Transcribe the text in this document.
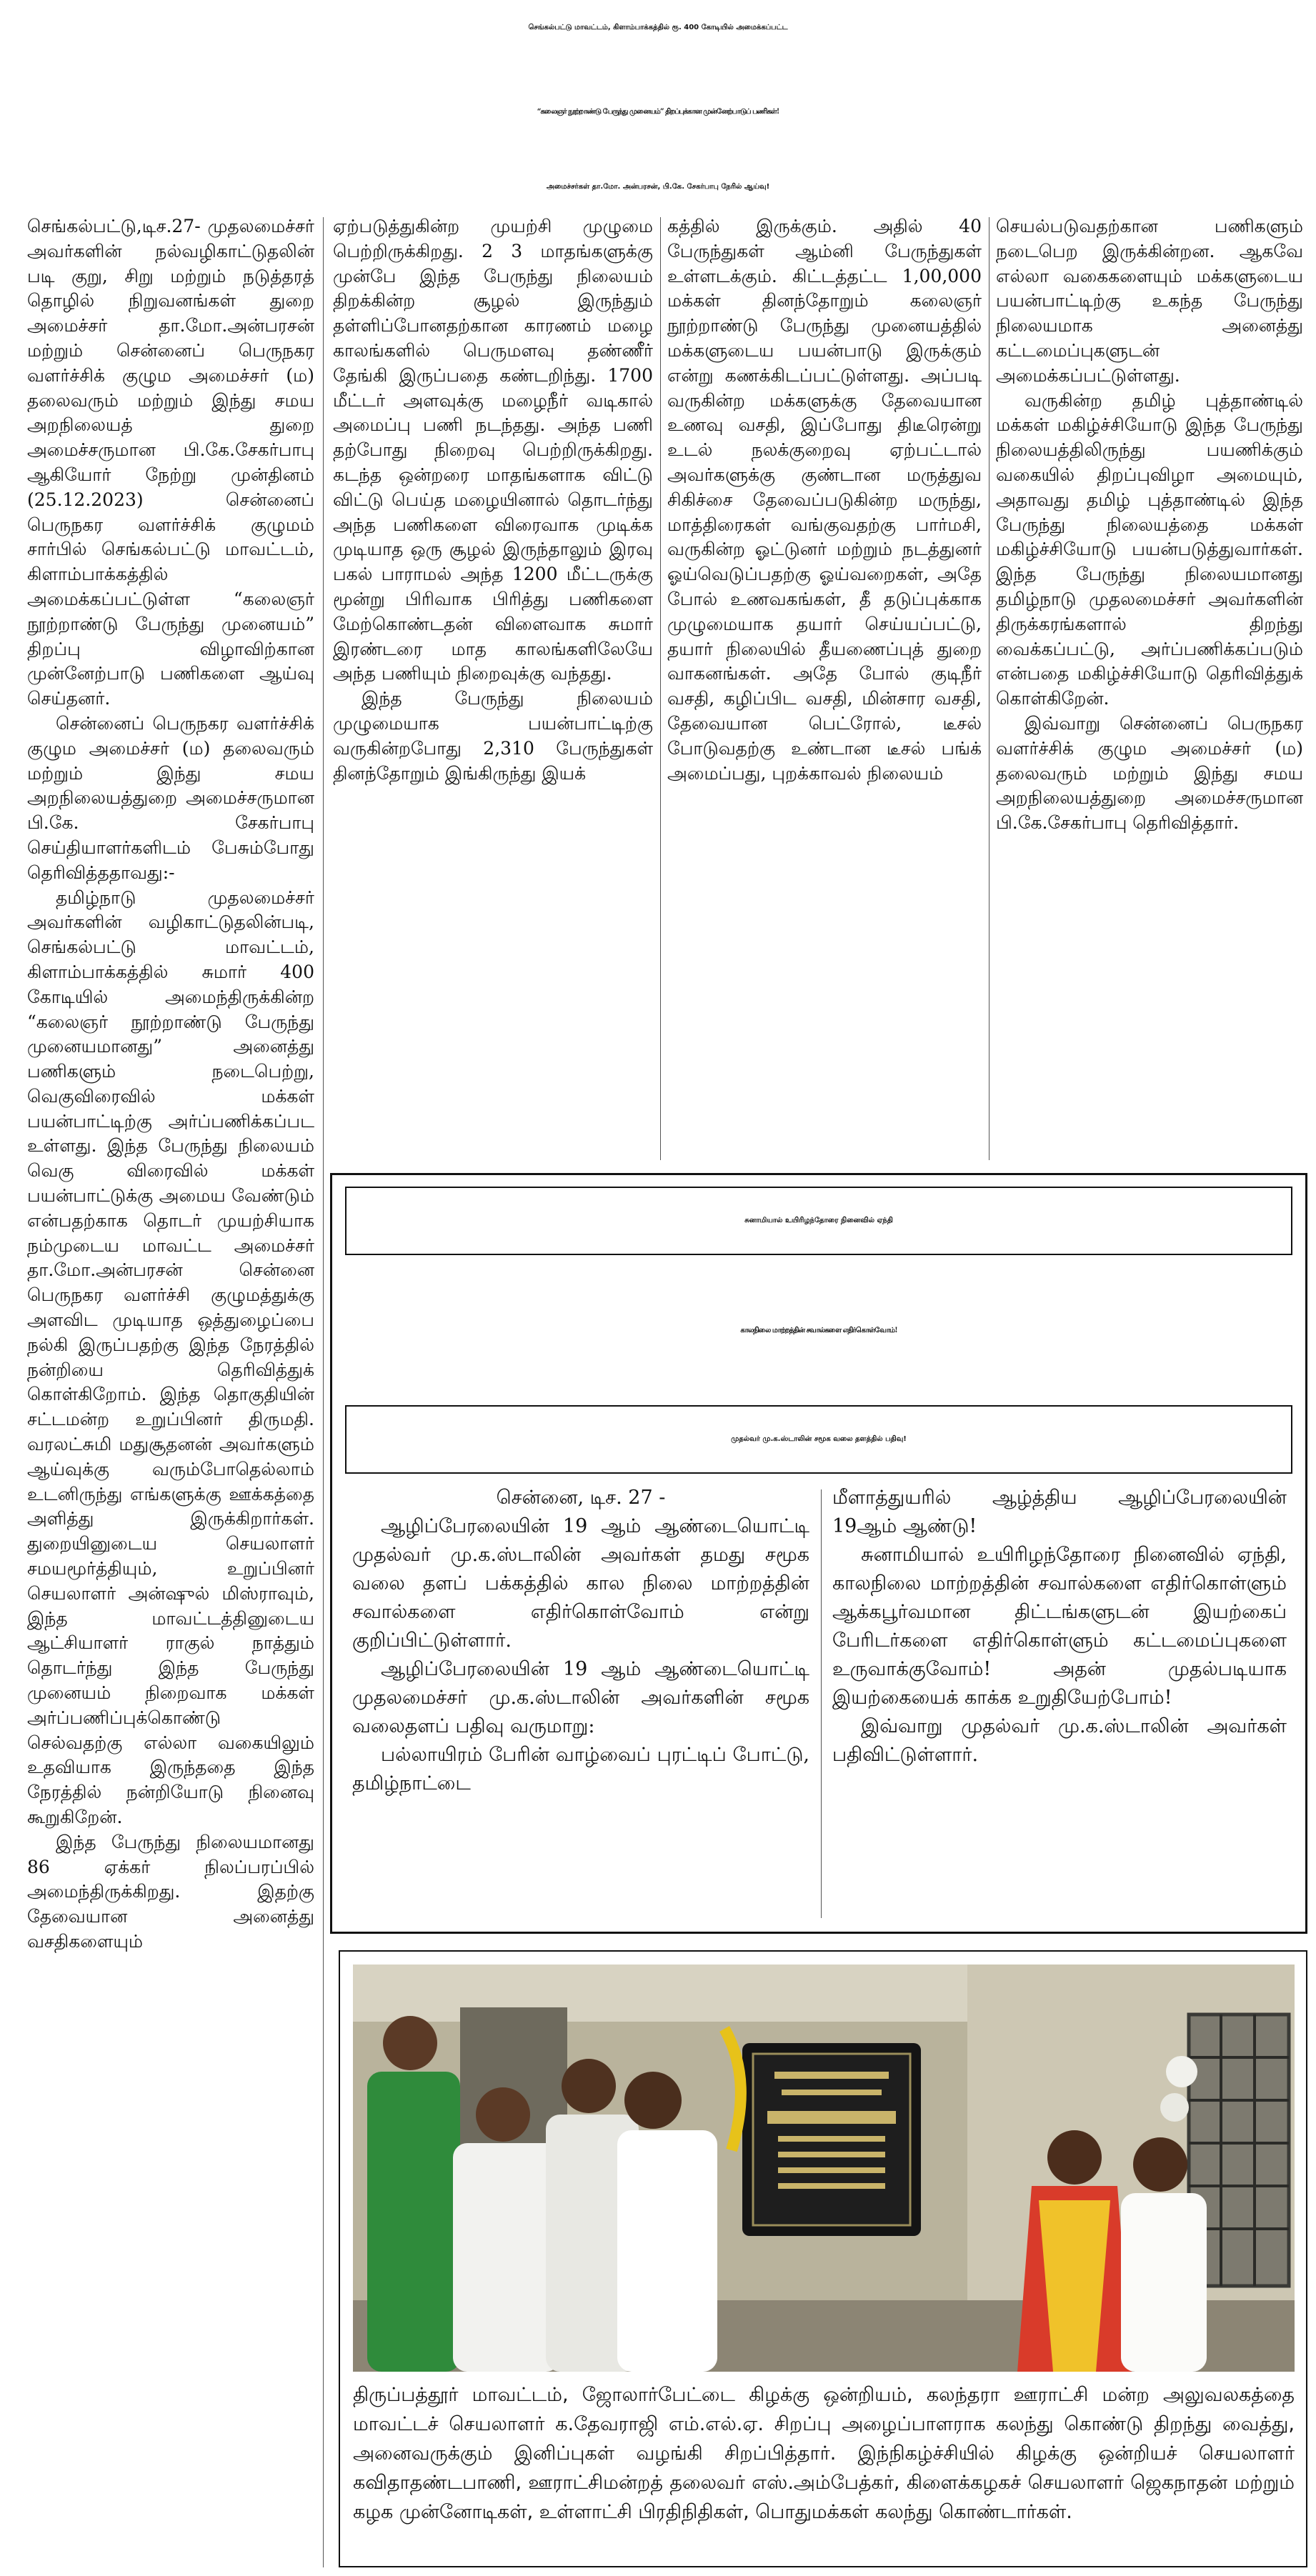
செங்கல்பட்டு மாவட்டம், கிளாம்பாக்கத்தில் ரூ. 400 கோடியில் அமைக்கப்பட்ட
“கலைஞர் நூற்றாண்டு பேருந்து முனையம்” திறப்புக்கான முன்னேற்பாடுப் பணிகள்!
அமைச்சர்கள் தா.மோ. அன்பரசன், பி.கே. சேகர்பாபு நேரில் ஆய்வு!

செங்கல்பட்டு,டிச.27- முதலமைச்சர் அவர்களின் நல்வழிகாட்டுதலின் படி குறு, சிறு மற்றும் நடுத்தரத் தொழில் நிறுவனங்கள் துறை அமைச்சர் தா.மோ.அன்பரசன் மற்றும் சென்னைப் பெருநகர வளர்ச்சிக் குழும அமைச்சர் (ம) தலைவரும் மற்றும் இந்து சமய அறநிலையத் துறை அமைச்சருமான பி.கே.சேகர்பாபு ஆகியோர் நேற்று முன்தினம் (25.12.2023) சென்னைப் பெருநகர வளர்ச்சிக் குழுமம் சார்பில் செங்கல்பட்டு மாவட்டம், கிளாம்பாக்கத்தில் அமைக்கப்பட்டுள்ள “கலைஞர் நூற்றாண்டு பேருந்து முனையம்” திறப்பு விழாவிற்கான முன்னேற்பாடு பணிகளை ஆய்வு செய்தனர்.

சென்னைப் பெருநகர வளர்ச்சிக் குழும அமைச்சர் (ம) தலைவரும் மற்றும் இந்து சமய அறநிலையத்துறை அமைச்சருமான பி.கே. சேகர்பாபு செய்தியாளர்களிடம் பேசும்போது தெரிவித்ததாவது:-

தமிழ்நாடு முதலமைச்சர் அவர்களின் வழிகாட்டுதலின்படி, செங்கல்பட்டு மாவட்டம், கிளாம்பாக்கத்தில் சுமார் 400 கோடியில் அமைந்திருக்கின்ற “கலைஞர் நூற்றாண்டு பேருந்து முனையமானது” அனைத்து பணிகளும் நடைபெற்று, வெகுவிரைவில் மக்கள் பயன்பாட்டிற்கு அர்ப்பணிக்கப்பட உள்ளது. இந்த பேருந்து நிலையம் வெகு விரைவில் மக்கள் பயன்பாட்டுக்கு அமைய வேண்டும் என்பதற்காக தொடர் முயற்சியாக நம்முடைய மாவட்ட அமைச்சர் தா.மோ.அன்பரசன் சென்னை பெருநகர வளர்ச்சி குழுமத்துக்கு அளவிட முடியாத ஒத்துழைப்பை நல்கி இருப்பதற்கு இந்த நேரத்தில் நன்றியை தெரிவித்துக் கொள்கிறோம். இந்த தொகுதியின் சட்டமன்ற உறுப்பினர் திருமதி. வரலட்சுமி மதுசூதனன் அவர்களும் ஆய்வுக்கு வரும்போதெல்லாம் உடனிருந்து எங்களுக்கு ஊக்கத்தை அளித்து இருக்கிறார்கள். துறையினுடைய செயலாளர் சமயமூர்த்தியும், உறுப்பினர் செயலாளர் அன்ஷுல் மிஸ்ராவும், இந்த மாவட்டத்தினுடைய ஆட்சியாளர் ராகுல் நாத்தும் தொடர்ந்து இந்த பேருந்து முனையம் நிறைவாக மக்கள் அர்ப்பணிப்புக்கொண்டு செல்வதற்கு எல்லா வகையிலும் உதவியாக இருந்ததை இந்த நேரத்தில் நன்றியோடு நினைவு கூறுகிறேன்.

இந்த பேருந்து நிலையமானது 86 ஏக்கர் நிலப்பரப்பில் அமைந்திருக்கிறது. இதற்கு தேவையான அனைத்து வசதிகளையும்

ஏற்படுத்துகின்ற முயற்சி முழுமை பெற்றிருக்கிறது. 2 3 மாதங்களுக்கு முன்பே இந்த பேருந்து நிலையம் திறக்கின்ற சூழல் இருந்தும் தள்ளிப்போனதற்கான காரணம் மழை காலங்களில் பெருமளவு தண்ணீர் தேங்கி இருப்பதை கண்டறிந்து. 1700 மீட்டர் அளவுக்கு மழைநீர் வடிகால் அமைப்பு பணி நடந்தது. அந்த பணி தற்போது நிறைவு பெற்றிருக்கிறது. கடந்த ஒன்றரை மாதங்களாக விட்டு விட்டு பெய்த மழையினால் தொடர்ந்து அந்த பணிகளை விரைவாக முடிக்க முடியாத ஒரு சூழல் இருந்தாலும் இரவு பகல் பாராமல் அந்த 1200 மீட்டருக்கு மூன்று பிரிவாக பிரித்து பணிகளை மேற்கொண்டதன் விளைவாக சுமார் இரண்டரை மாத காலங்களிலேயே அந்த பணியும் நிறைவுக்கு வந்தது.

இந்த பேருந்து நிலையம் முழுமையாக பயன்பாட்டிற்கு வருகின்றபோது 2,310 பேருந்துகள் தினந்தோறும் இங்கிருந்து இயக்

கத்தில் இருக்கும். அதில் 40 பேருந்துகள் ஆம்னி பேருந்துகள் உள்ளடக்கும். கிட்டத்தட்ட 1,00,000 மக்கள் தினந்தோறும் கலைஞர் நூற்றாண்டு பேருந்து முனையத்தில் மக்களுடைய பயன்பாடு இருக்கும் என்று கணக்கிடப்பட்டுள்ளது. அப்படி வருகின்ற மக்களுக்கு தேவையான உணவு வசதி, இப்போது திடீரென்று உடல் நலக்குறைவு ஏற்பட்டால் அவர்களுக்கு குண்டான மருத்துவ சிகிச்சை தேவைப்படுகின்ற மருந்து, மாத்திரைகள் வங்குவதற்கு பார்மசி, வருகின்ற ஓட்டுனர் மற்றும் நடத்துனர் ஓய்வெடுப்பதற்கு ஓய்வறைகள், அதே போல் உணவகங்கள், தீ தடுப்புக்காக முழுமையாக தயார் செய்யப்பட்டு, தயார் நிலையில் தீயணைப்புத் துறை வாகனங்கள். அதே போல் குடிநீர் வசதி, கழிப்பிட வசதி, மின்சார வசதி, தேவையான பெட்ரோல், டீசல் போடுவதற்கு உண்டான டீசல் பங்க் அமைப்பது, புறக்காவல் நிலையம்

செயல்படுவதற்கான பணிகளும் நடைபெற இருக்கின்றன. ஆகவே எல்லா வகைகளையும் மக்களுடைய பயன்பாட்டிற்கு உகந்த பேருந்து நிலையமாக அனைத்து கட்டமைப்புகளுடன் அமைக்கப்பட்டுள்ளது.

வருகின்ற தமிழ் புத்தாண்டில் மக்கள் மகிழ்ச்சியோடு இந்த பேருந்து நிலையத்திலிருந்து பயணிக்கும் வகையில் திறப்புவிழா அமையும், அதாவது தமிழ் புத்தாண்டில் இந்த பேருந்து நிலையத்தை மக்கள் மகிழ்ச்சியோடு பயன்படுத்துவார்கள். இந்த பேருந்து நிலையமானது தமிழ்நாடு முதலமைச்சர் அவர்களின் திருக்கரங்களால் திறந்து வைக்கப்பட்டு, அர்ப்பணிக்கப்படும் என்பதை மகிழ்ச்சியோடு தெரிவித்துக் கொள்கிறேன்.

இவ்வாறு சென்னைப் பெருநகர வளர்ச்சிக் குழும அமைச்சர் (ம) தலைவரும் மற்றும் இந்து சமய அறநிலையத்துறை அமைச்சருமான பி.கே.சேகர்பாபு தெரிவித்தார்.

சுனாமியால் உயிரிழந்தோரை நினைவில் ஏந்தி
காலநிலை மாற்றத்தின் சவால்களை எதிர்கொள்வோம்!
முதல்வர் மு.க.ஸ்டாலின் சமூக வலை தளத்தில் பதிவு!
சென்னை, டிச. 27 -

ஆழிப்பேரலையின் 19 ஆம் ஆண்டையொட்டி முதல்வர் மு.க.ஸ்டாலின் அவர்கள் தமது சமூக வலை தளப் பக்கத்தில் கால நிலை மாற்றத்தின் சவால்களை எதிர்கொள்வோம் என்று குறிப்பிட்டுள்ளார்.

ஆழிப்பேரலையின் 19 ஆம் ஆண்டையொட்டி முதலமைச்சர் மு.க.ஸ்டாலின் அவர்களின் சமூக வலைதளப் பதிவு வருமாறு:

பல்லாயிரம் பேரின் வாழ்வைப் புரட்டிப் போட்டு, தமிழ்நாட்டை

மீளாத்துயரில் ஆழ்த்திய ஆழிப்பேரலையின் 19ஆம் ஆண்டு!

சுனாமியால் உயிரிழந்தோரை நினைவில் ஏந்தி, காலநிலை மாற்றத்தின் சவால்களை எதிர்கொள்ளும் ஆக்கபூர்வமான திட்டங்களுடன் இயற்கைப் பேரிடர்களை எதிர்கொள்ளும் கட்டமைப்புகளை உருவாக்குவோம்! அதன் முதல்படியாக இயற்கையைக் காக்க உறுதியேற்போம்!

இவ்வாறு முதல்வர் மு.க.ஸ்டாலின் அவர்கள் பதிவிட்டுள்ளார்.

திருப்பத்தூர் மாவட்டம், ஜோலார்பேட்டை கிழக்கு ஒன்றியம், கலந்தரா ஊராட்சி மன்ற அலுவலகத்தை மாவட்டச் செயலாளர் க.தேவராஜி எம்.எல்.ஏ. சிறப்பு அழைப்பாளராக கலந்து கொண்டு திறந்து வைத்து, அனைவருக்கும் இனிப்புகள் வழங்கி சிறப்பித்தார். இந்நிகழ்ச்சியில் கிழக்கு ஒன்றியச் செயலாளர் கவிதாதண்டபாணி, ஊராட்சிமன்றத் தலைவர் எஸ்.அம்பேத்கர், கிளைக்கழகச் செயலாளர் ஜெகநாதன் மற்றும் கழக முன்னோடிகள், உள்ளாட்சி பிரதிநிதிகள், பொதுமக்கள் கலந்து கொண்டார்கள்.
